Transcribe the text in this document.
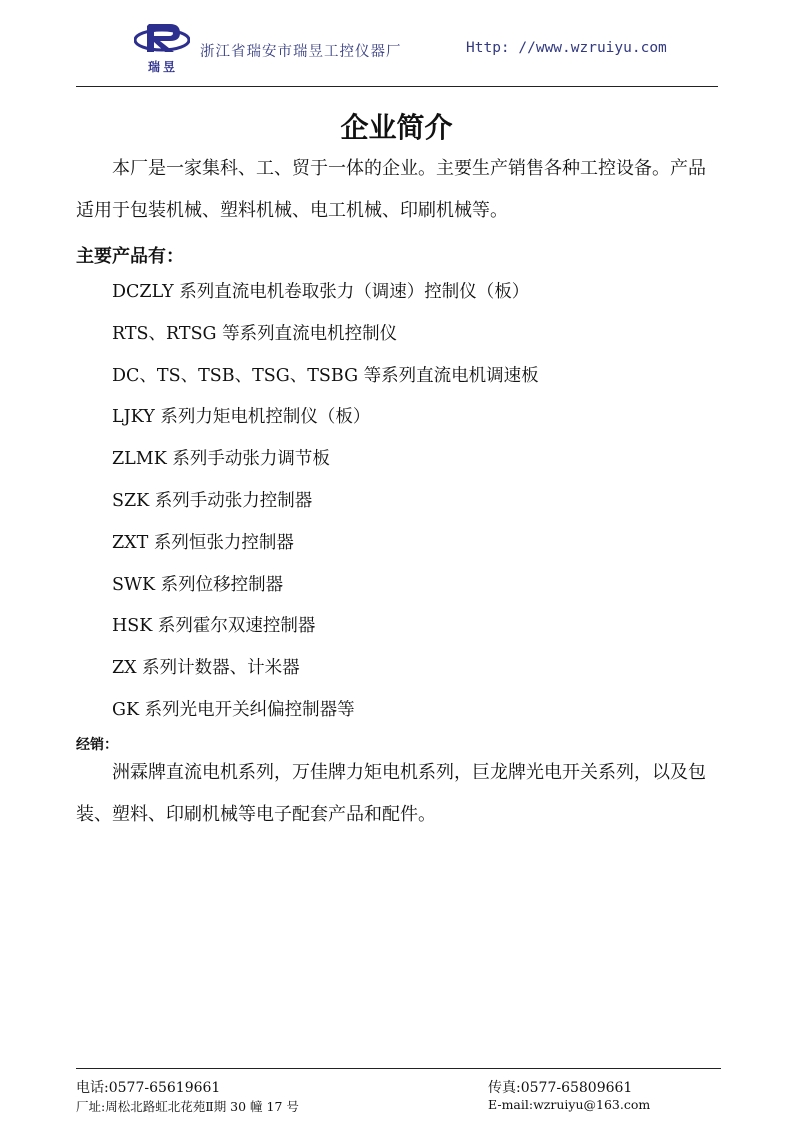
瑞昱
浙江省瑞安市瑞昱工控仪器厂	Http: //www.wzruiyu.com
企业简介
本厂是一家集科、工、贸于一体的企业。主要生产销售各种工控设备。产品适用于包装机械、塑料机械、电工机械、印刷机械等。
主要产品有：
DCZLY 系列直流电机卷取张力（调速）控制仪（板）
RTS、RTSG 等系列直流电机控制仪
DC、TS、TSB、TSG、TSBG 等系列直流电机调速板
LJKY 系列力矩电机控制仪（板）
ZLMK 系列手动张力调节板
SZK 系列手动张力控制器
ZXT 系列恒张力控制器
SWK 系列位移控制器
HSK 系列霍尔双速控制器
ZX 系列计数器、计米器
GK 系列光电开关纠偏控制器等
经销：
洲霖牌直流电机系列，万佳牌力矩电机系列，巨龙牌光电开关系列，以及包装、塑料、印刷机械等电子配套产品和配件。
电话:0577-65619661	传真:0577-65809661
厂址:周松北路虹北花苑Ⅱ期 30 幢 17 号	E-mail:wzruiyu@163.com
